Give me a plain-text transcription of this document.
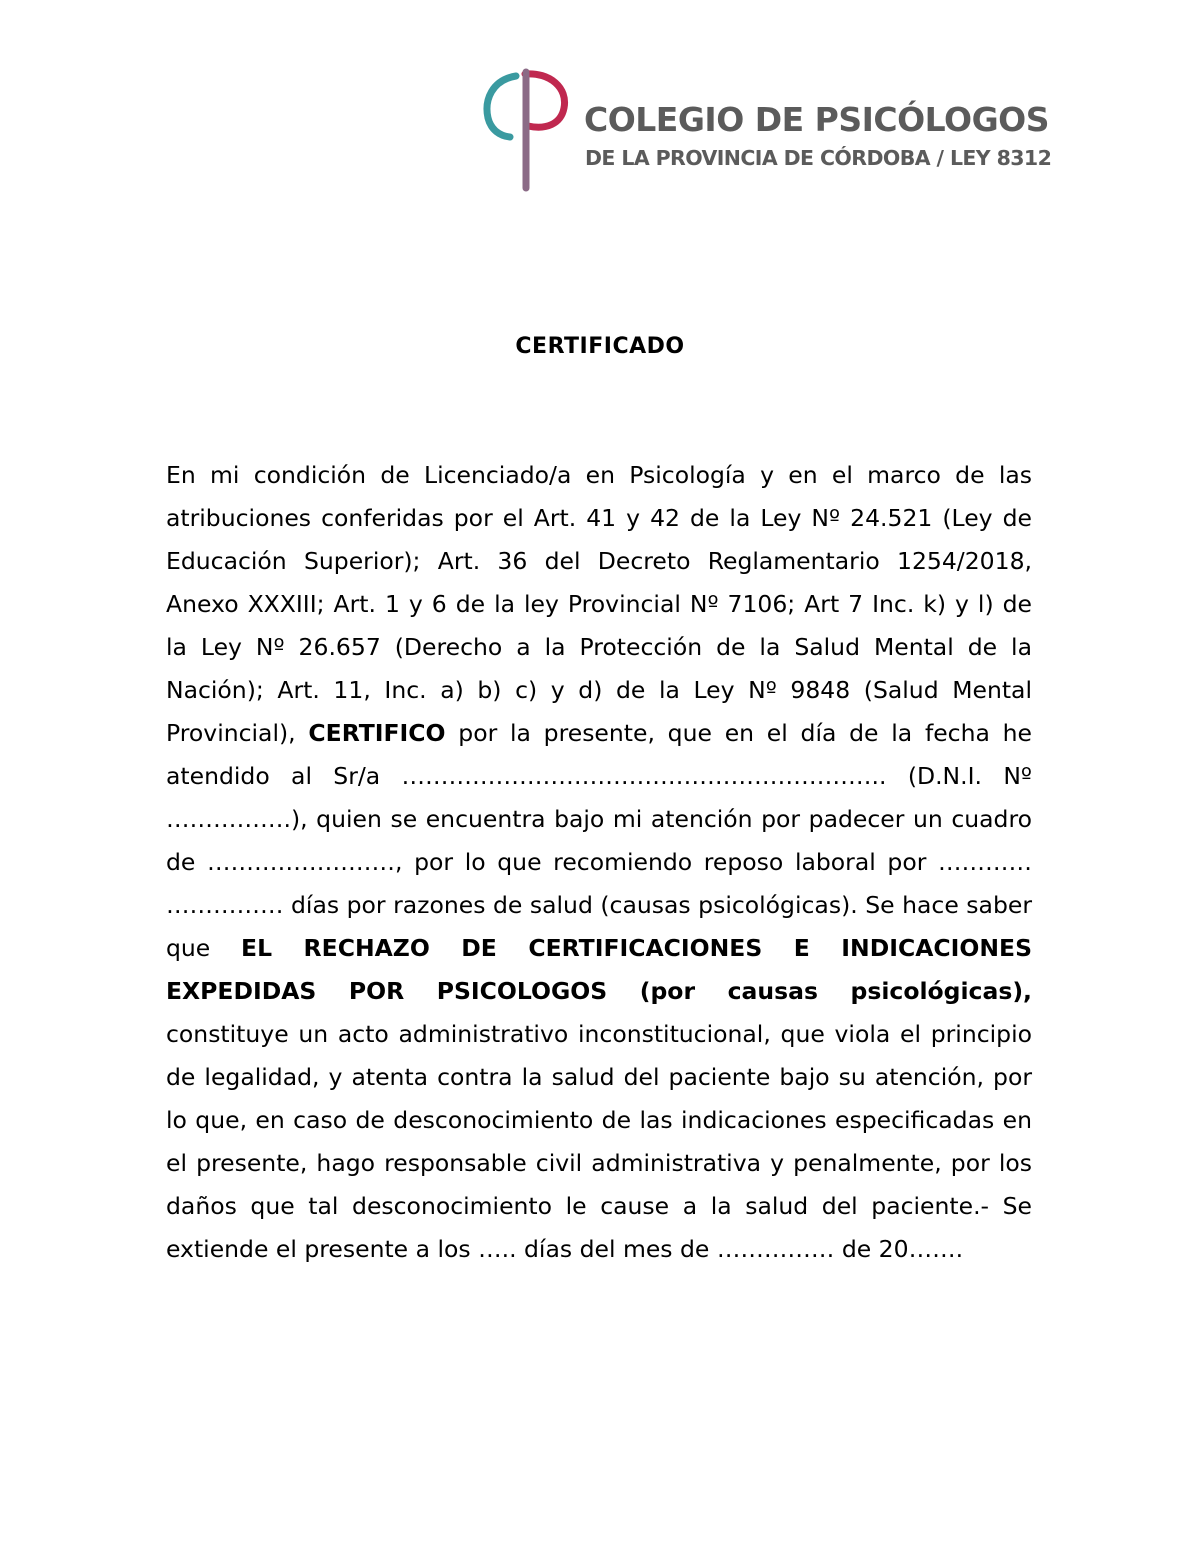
COLEGIO DE PSICÓLOGOS
DE LA PROVINCIA DE CÓRDOBA / LEY 8312
CERTIFICADO
En mi condición de Licenciado/a en Psicología y en el marco de las atribuciones conferidas por el Art. 41 y 42 de la Ley Nº 24.521 (Ley de Educación Superior); Art. 36 del Decreto Reglamentario 1254/2018, Anexo XXXIII; Art. 1 y 6 de la ley Provincial Nº 7106; Art 7 Inc. k) y l) de la Ley Nº 26.657 (Derecho a la Protección de la Salud Mental de la Nación); Art. 11, Inc. a) b) c) y d) de la Ley Nº 9848 (Salud Mental Provincial), CERTIFICO por la presente, que en el día de la fecha he atendido al Sr/a …………………………………………………….. (D.N.I. Nº …………….), quien se encuentra bajo mi atención por padecer un cuadro de ……………………, por lo que recomiendo reposo laboral por ………… …………… días por razones de salud (causas psicológicas). Se hace saber que EL RECHAZO DE CERTIFICACIONES E INDICACIONES EXPEDIDAS POR PSICOLOGOS (por causas psicológicas), constituye un acto administrativo inconstitucional, que viola el principio de legalidad, y atenta contra la salud del paciente bajo su atención, por lo que, en caso de desconocimiento de las indicaciones especificadas en el presente, hago responsable civil administrativa y penalmente, por los daños que tal desconocimiento le cause a la salud del paciente.- Se extiende el presente a los ….. días del mes de …………… de 20…….
